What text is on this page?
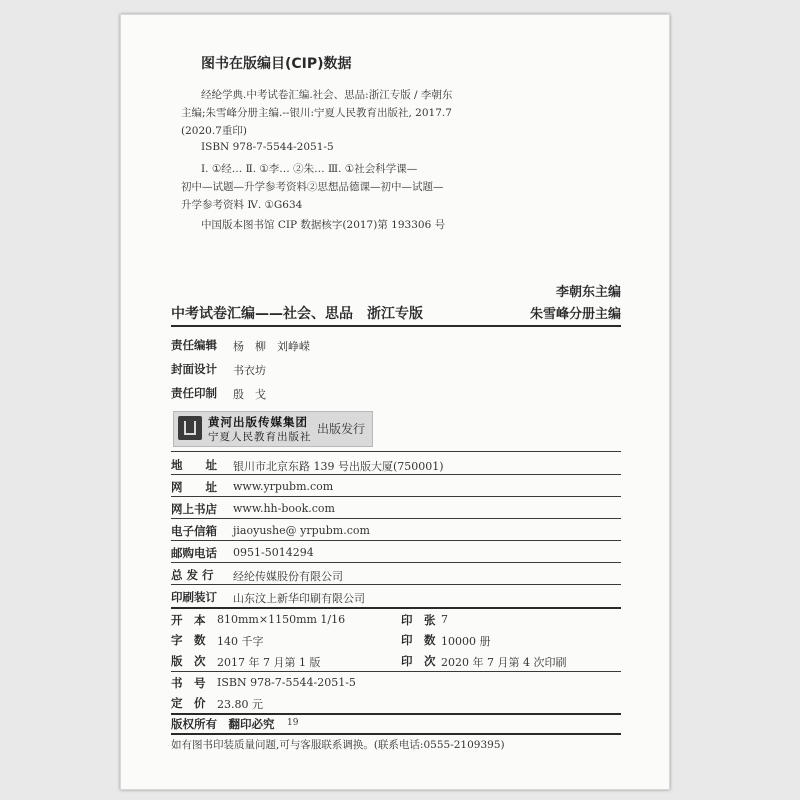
图书在版编目(CIP)数据
经纶学典.中考试卷汇编.社会、思品:浙江专版 / 李朝东
主编;朱雪峰分册主编.--银川:宁夏人民教育出版社, 2017.7
(2020.7重印)
ISBN 978-7-5544-2051-5
Ⅰ. ①经… Ⅱ. ①李… ②朱… Ⅲ. ①社会科学课—
初中—试题—升学参考资料②思想品德课—初中—试题—
升学参考资料 Ⅳ. ①G634
中国版本图书馆 CIP 数据核字(2017)第 193306 号
李朝东主编
朱雪峰分册主编
中考试卷汇编——社会、思品　浙江专版
责任编辑 杨　柳　刘峥嵘
封面设计 书衣坊
责任印制 殷　戈
黄河出版传媒集团
宁夏人民教育出版社
出版发行
地　　址 银川市北京东路 139 号出版大厦(750001)
网　　址 www.yrpubm.com
网上书店 www.hh-book.com
电子信箱 jiaoyushe@ yrpubm.com
邮购电话 0951-5014294
总 发 行 经纶传媒股份有限公司
印刷装订 山东汶上新华印刷有限公司
开　本 810mm×1150mm 1/16	印　张 7
字　数 140 千字	印　数 10000 册
版　次 2017 年 7 月第 1 版	印　次 2020 年 7 月第 4 次印刷
书　号 ISBN 978-7-5544-2051-5
定　价 23.80 元
版权所有　翻印必究 19
如有图书印装质量问题,可与客服联系调换。(联系电话:0555-2109395)
